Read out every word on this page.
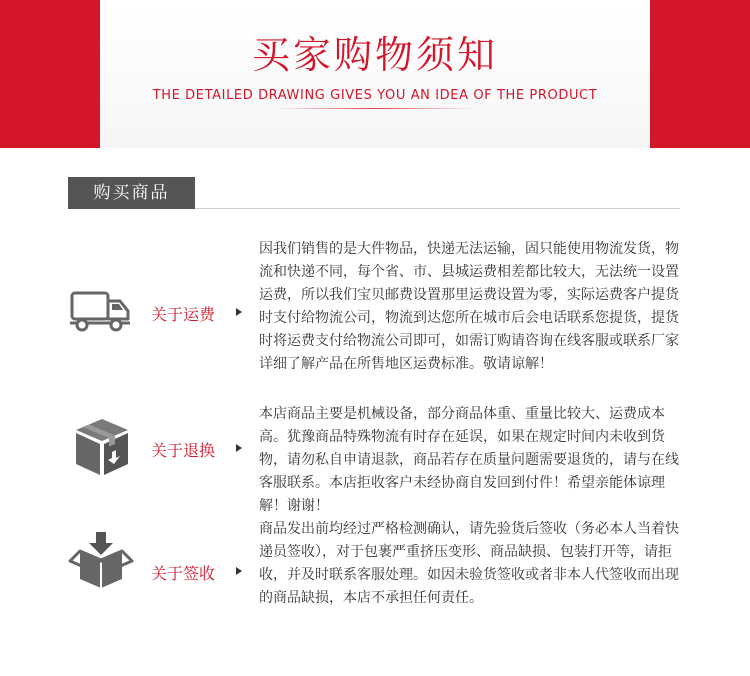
买家购物须知
THE DETAILED DRAWING GIVES YOU AN IDEA OF THE PRODUCT
购买商品
关于运费
因我们销售的是大件物品，快递无法运输，固只能使用物流发货，物流和快递不同，每个省、市、县城运费相差都比较大，无法统一设置运费，所以我们宝贝邮费设置那里运费设置为零，实际运费客户提货时支付给物流公司，物流到达您所在城市后会电话联系您提货，提货时将运费支付给物流公司即可，如需订购请咨询在线客服或联系厂家详细了解产品在所售地区运费标准。敬请谅解！
关于退换
本店商品主要是机械设备，部分商品体重、重量比较大、运费成本高。犹豫商品特殊物流有时存在延误，如果在规定时间内未收到货物，请勿私自申请退款，商品若存在质量问题需要退货的，请与在线客服联系。本店拒收客户未经协商自发回到付件！希望亲能体谅理解！谢谢！
关于签收
商品发出前均经过严格检测确认，请先验货后签收（务必本人当着快递员签收），对于包裹严重挤压变形、商品缺损、包装打开等，请拒收，并及时联系客服处理。如因未验货签收或者非本人代签收而出现的商品缺损，本店不承担任何责任。
